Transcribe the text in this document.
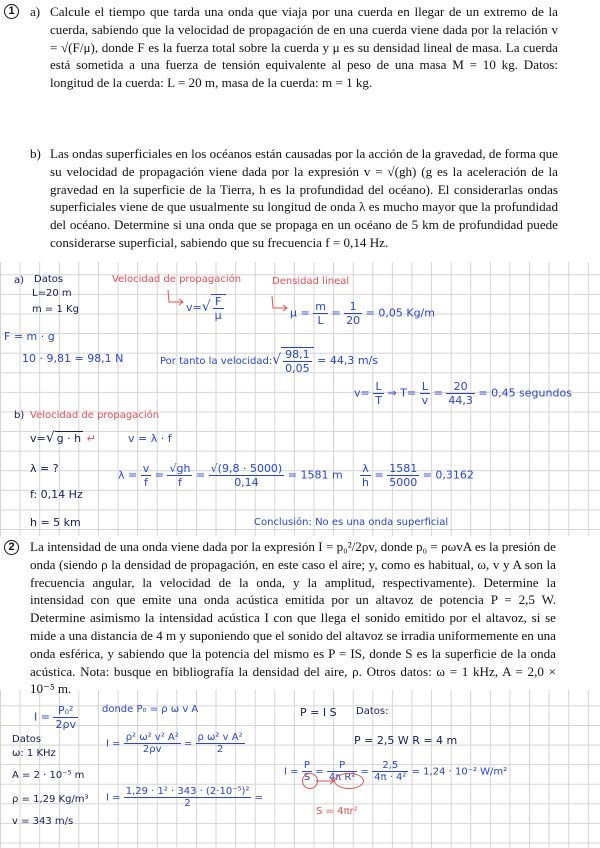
1	a) Calcule el tiempo que tarda una onda que viaja por una cuerda en llegar de un extremo de la cuerda, sabiendo que la velocidad de propagación de en una cuerda viene dada por la relación v = √(F/μ), donde F es la fuerza total sobre la cuerda y μ es su densidad lineal de masa. La cuerda está sometida a una fuerza de tensión equivalente al peso de una masa M = 10 kg. Datos: longitud de la cuerda: L = 20 m, masa de la cuerda: m = 1 kg.

b) Las ondas superficiales en los océanos están causadas por la acción de la gravedad, de forma que su velocidad de propagación viene dada por la expresión v = √(gh) (g es la aceleración de la gravedad en la superficie de la Tierra, h es la profundidad del océano). El considerarlas ondas superficiales viene de que usualmente su longitud de onda λ es mucho mayor que la profundidad del océano. Determine si una onda que se propaga en un océano de 5 km de profundidad puede considerarse superficial, sabiendo que su frecuencia f = 0,14 Hz.

a) Datos
L=20 m
m = 1 Kg
Velocidad de propagación	Densidad lineal
$v=√ \frac{F}{\mu}$	$\mu = \frac{m}{L} = \frac{1}{20} = 0,05$ Kg/m
F = m · g
10 · 9,81 = 98,1 N	Por tanto la velocidad:√ $\frac{98,1}{0,05} = 44,3$ m/s
$v= \frac{L}{T}$ ⇒ $T= \frac{L}{v} = \frac{20}{44,3} = 0,45$ segundos
b) Velocidad de propagación
v=√ g · h ↵	v = λ · f
λ = ?
f: 0,14 Hz
h = 5 km
$\lambda = \frac{v}{f} = \frac{√gh}{f} = \frac{√(9,8 \cdot 5000)}{0,14} = 1581$ m $\frac{\lambda}{h} = \frac{1581}{5000} = 0,3162$
Conclusión: No es una onda superficial
2	La intensidad de una onda viene dada por la expresión I = p₀²/2ρv, donde p₀ = ρωvA es la presión de onda (siendo ρ la densidad de propagación, en este caso el aire; y, como es habitual, ω, v y A son la frecuencia angular, la velocidad de la onda, y la amplitud, respectivamente). Determine la intensidad con que emite una onda acústica emitida por un altavoz de potencia P = 2,5 W. Determine asimismo la intensidad acústica I con que llega el sonido emitido por el altavoz, si se mide a una distancia de 4 m y suponiendo que el sonido del altavoz se irradia uniformemente en una onda esférica, y sabiendo que la potencia del mismo es P = IS, donde S es la superficie de la onda acústica. Nota: busque en bibliografía la densidad del aire, ρ. Otros datos: ω = 1 kHz, A = 2,0 × 10⁻⁵ m.

$I = \frac{\text{P₀²}}{2\rho v}$ donde P₀ = ρ ω v A
Datos
ω: 1 KHz
A = 2 · 10⁻⁵ m
ρ = 1,29 Kg/m³
v = 343 m/s
$I = \frac{\text{ρ² ω² v² A²}}{2\rho v} = \frac{\text{ρ ω² v A²}}{2}$
$I = \frac{\text{1,29 · 1² · 343 · (2·10⁻⁵)²}}{2}$ =
P = I S Datos:
P = 2,5 W R = 4 m
$I = \frac{P}{S} = \frac{P}{\text{4π R²}} = \frac{2,5}{\text{4π · 4²}} = 1,24 \cdot 10^{-2}$ W/m²
S = 4πr²
